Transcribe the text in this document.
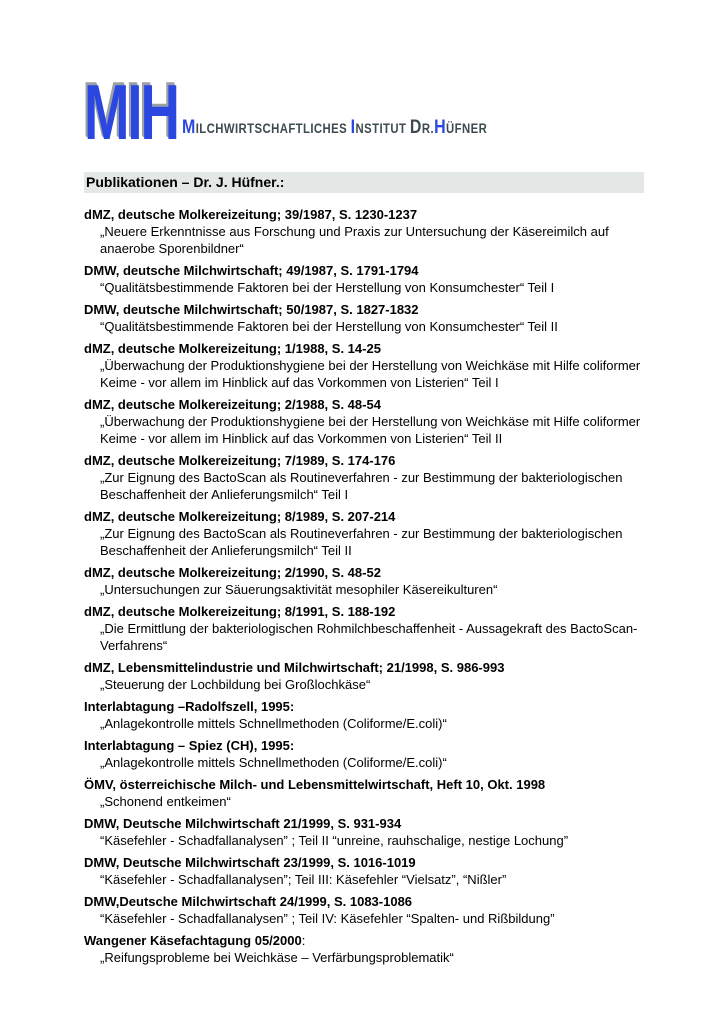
MIH MILCHWIRTSCHAFTLICHES INSTITUT DR.HÜFNER
Publikationen – Dr. J. Hüfner.:
dMZ, deutsche Molkereizeitung; 39/1987, S. 1230-1237
„Neuere Erkenntnisse aus Forschung und Praxis zur Untersuchung der Käsereimilch auf anaerobe Sporenbildner“
DMW, deutsche Milchwirtschaft; 49/1987, S. 1791-1794
“Qualitätsbestimmende Faktoren bei der Herstellung von Konsumchester“ Teil I
DMW, deutsche Milchwirtschaft; 50/1987, S. 1827-1832
“Qualitätsbestimmende Faktoren bei der Herstellung von Konsumchester“ Teil II
dMZ, deutsche Molkereizeitung; 1/1988, S. 14-25
„Überwachung der Produktionshygiene bei der Herstellung von Weichkäse mit Hilfe coliformer Keime - vor allem im Hinblick auf das Vorkommen von Listerien“ Teil I
dMZ, deutsche Molkereizeitung; 2/1988, S. 48-54
„Überwachung der Produktionshygiene bei der Herstellung von Weichkäse mit Hilfe coliformer Keime - vor allem im Hinblick auf das Vorkommen von Listerien“ Teil II
dMZ, deutsche Molkereizeitung; 7/1989, S. 174-176
„Zur Eignung des BactoScan als Routineverfahren - zur Bestimmung der bakteriologischen Beschaffenheit der Anlieferungsmilch“ Teil I
dMZ, deutsche Molkereizeitung; 8/1989, S. 207-214
„Zur Eignung des BactoScan als Routineverfahren - zur Bestimmung der bakteriologischen Beschaffenheit der Anlieferungsmilch“ Teil II
dMZ, deutsche Molkereizeitung; 2/1990, S. 48-52
„Untersuchungen zur Säuerungsaktivität mesophiler Käsereikulturen“
dMZ, deutsche Molkereizeitung; 8/1991, S. 188-192
„Die Ermittlung der bakteriologischen Rohmilchbeschaffenheit - Aussagekraft des BactoScan-Verfahrens“
dMZ, Lebensmittelindustrie und Milchwirtschaft; 21/1998, S. 986-993
„Steuerung der Lochbildung bei Großlochkäse“
Interlabtagung –Radolfszell, 1995:
„Anlagekontrolle mittels Schnellmethoden (Coliforme/E.coli)“
Interlabtagung – Spiez (CH), 1995:
„Anlagekontrolle mittels Schnellmethoden (Coliforme/E.coli)“
ÖMV, österreichische Milch- und Lebensmittelwirtschaft, Heft 10, Okt. 1998
„Schonend entkeimen“
DMW, Deutsche Milchwirtschaft 21/1999, S. 931-934
“Käsefehler - Schadfallanalysen” ; Teil II “unreine, rauhschalige, nestige Lochung”
DMW, Deutsche Milchwirtschaft 23/1999, S. 1016-1019
“Käsefehler - Schadfallanalysen”; Teil III: Käsefehler “Vielsatz”, “Nißler”
DMW,Deutsche Milchwirtschaft 24/1999, S. 1083-1086
“Käsefehler - Schadfallanalysen” ; Teil IV: Käsefehler “Spalten- und Rißbildung”
Wangener Käsefachtagung 05/2000:
„Reifungsprobleme bei Weichkäse – Verfärbungsproblematik“
